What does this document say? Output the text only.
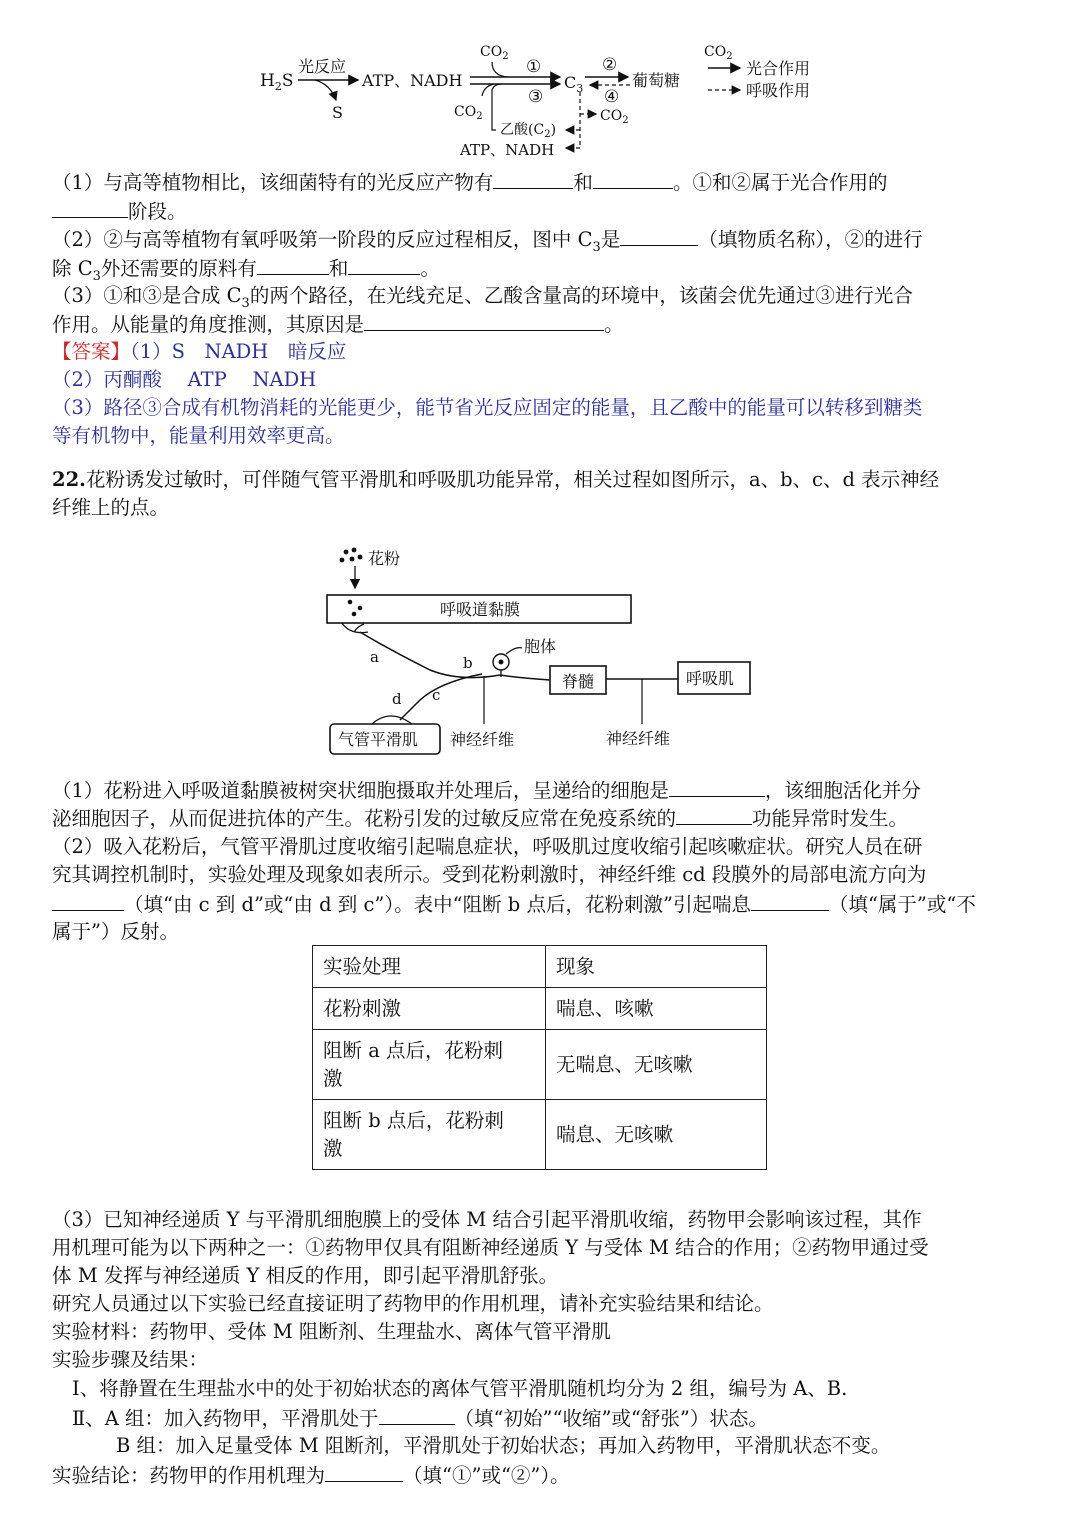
$H_2S$
光反应
S
ATP、NADH
$CO_2$
①
③
$CO_2$
乙酸$(C_2)$
$C_3$
②
④
葡萄糖
$CO_2$
ATP、NADH
$CO_2$
光合作用
呼吸作用
（1）与高等植物相比，该细菌特有的光反应产物有	和	。①和②属于光合作用的
阶段。
（2）②与高等植物有氧呼吸第一阶段的反应过程相反，图中 $C_3$是	（填物质名称），②的进行
除 $C_3$外还需要的原料有	和	。
（3）①和③是合成 $C_3$的两个路径，在光线充足、乙酸含量高的环境中，该菌会优先通过③进行光合
作用。从能量的角度推测，其原因是	。
【答案】（1）S　NADH　暗反应
（2）丙酮酸　 ATP　 NADH
（3）路径③合成有机物消耗的光能更少，能节省光反应固定的能量，且乙酸中的能量可以转移到糖类
等有机物中，能量利用效率更高。
22.花粉诱发过敏时，可伴随气管平滑肌和呼吸肌功能异常，相关过程如图所示，a、b、c、d 表示神经
纤维上的点。
花粉
呼吸道黏膜
a	b
胞体
脊髓	呼吸肌
神经纤维
c
d
气管平滑肌 神经纤维
（1）花粉进入呼吸道黏膜被树突状细胞摄取并处理后，呈递给的细胞是	，该细胞活化并分
泌细胞因子，从而促进抗体的产生。花粉引发的过敏反应常在免疫系统的	功能异常时发生。
（2）吸入花粉后，气管平滑肌过度收缩引起喘息症状，呼吸肌过度收缩引起咳嗽症状。研究人员在研
究其调控机制时，实验处理及现象如表所示。受到花粉刺激时，神经纤维 cd 段膜外的局部电流方向为
（填“由 c 到 d”或“由 d 到 c”）。表中“阻断 b 点后，花粉刺激”引起喘息	（填“属于”或“不
属于”）反射。
实验处理	现象
花粉刺激	喘息、咳嗽
阻断 a 点后，花粉刺
激	无喘息、无咳嗽
阻断 b 点后，花粉刺
激	喘息、无咳嗽
（3）已知神经递质 Y 与平滑肌细胞膜上的受体 M 结合引起平滑肌收缩，药物甲会影响该过程，其作
用机理可能为以下两种之一：①药物甲仅具有阻断神经递质 Y 与受体 M 结合的作用；②药物甲通过受
体 M 发挥与神经递质 Y 相反的作用，即引起平滑肌舒张。
研究人员通过以下实验已经直接证明了药物甲的作用机理，请补充实验结果和结论。
实验材料：药物甲、受体 M 阻断剂、生理盐水、离体气管平滑肌
实验步骤及结果：
Ⅰ、将静置在生理盐水中的处于初始状态的离体气管平滑肌随机均分为 2 组，编号为 A、B.
Ⅱ、A 组：加入药物甲，平滑肌处于	（填“初始”“收缩”或“舒张”）状态。
B 组：加入足量受体 M 阻断剂，平滑肌处于初始状态；再加入药物甲，平滑肌状态不变。
实验结论：药物甲的作用机理为	（填“①”或“②”）。
